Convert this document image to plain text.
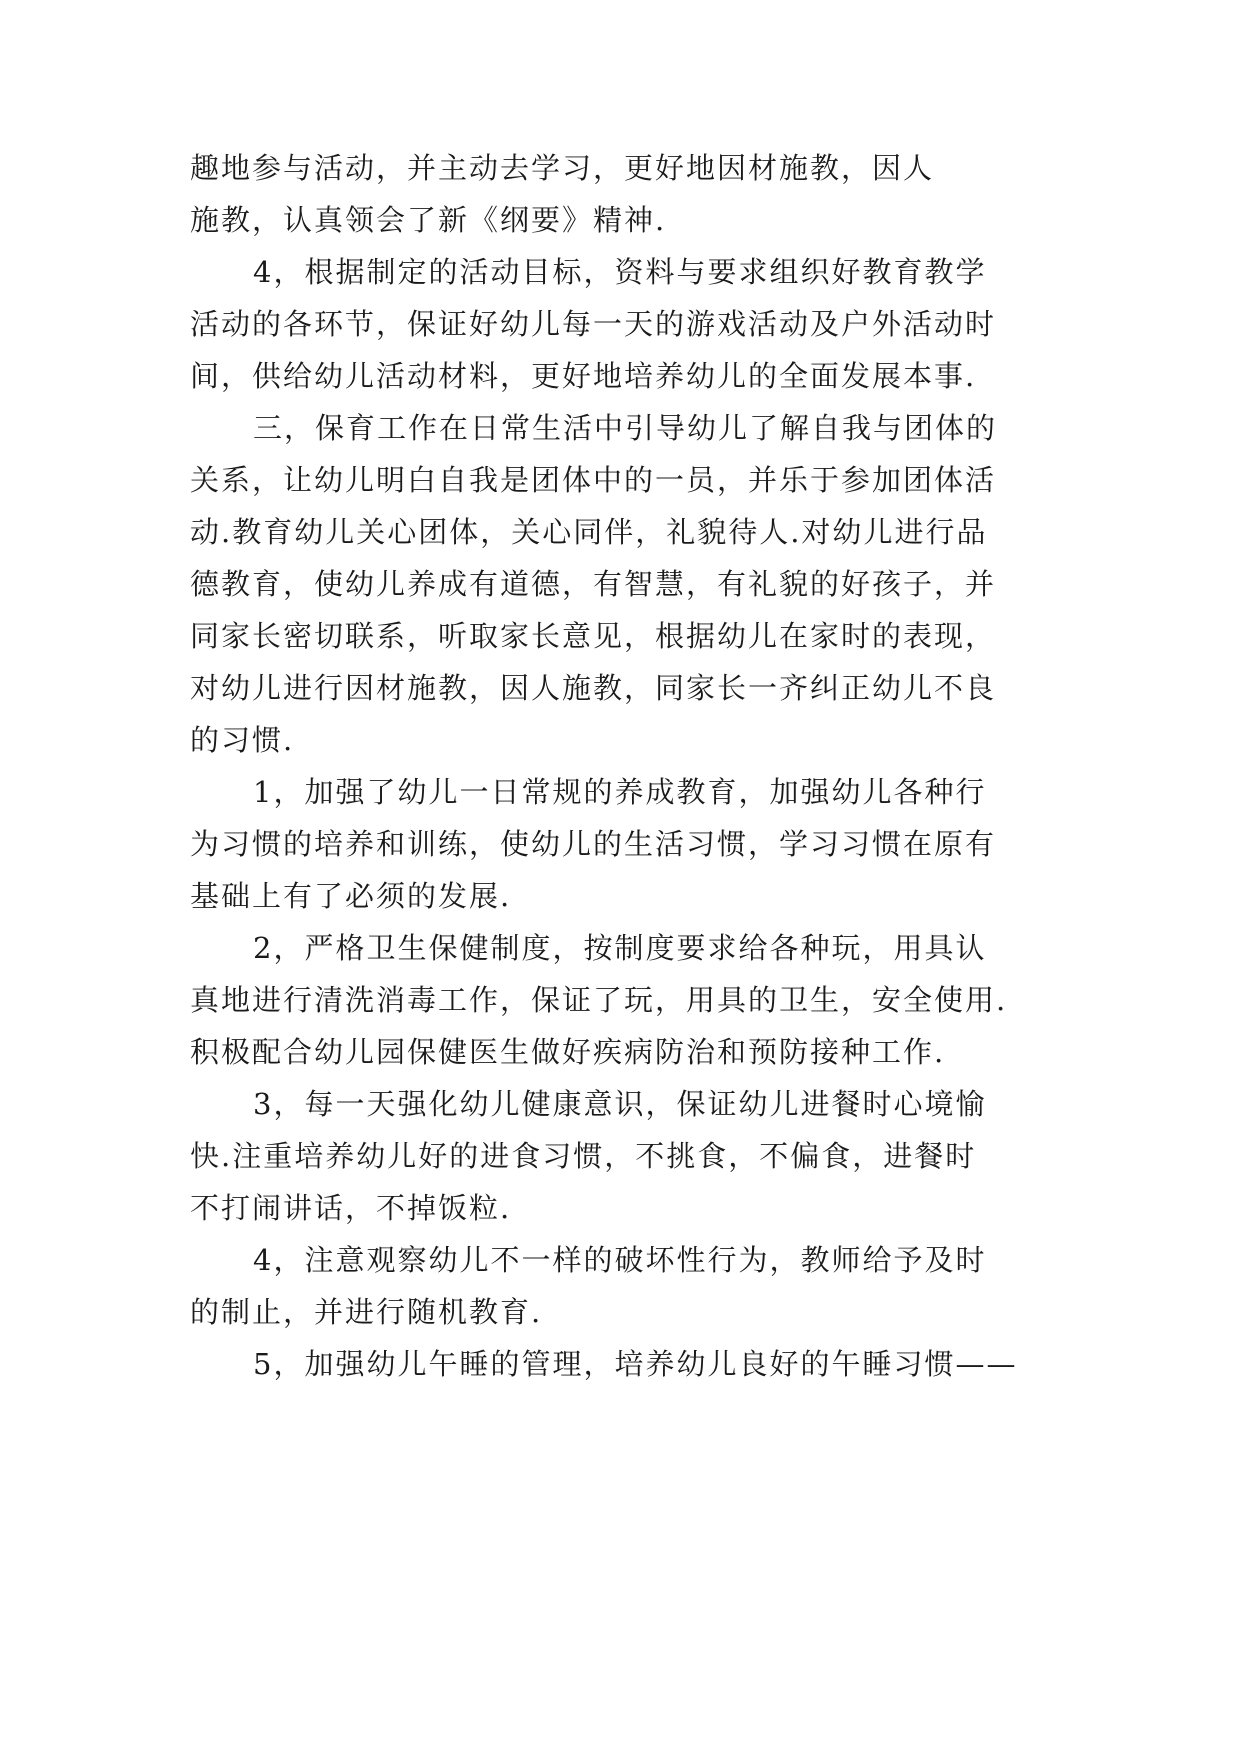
趣地参与活动，并主动去学习，更好地因材施教，因人
施教，认真领会了新《纲要》精神.
4，根据制定的活动目标，资料与要求组织好教育教学
活动的各环节，保证好幼儿每一天的游戏活动及户外活动时
间，供给幼儿活动材料，更好地培养幼儿的全面发展本事.
三，保育工作在日常生活中引导幼儿了解自我与团体的
关系，让幼儿明白自我是团体中的一员，并乐于参加团体活
动.教育幼儿关心团体，关心同伴，礼貌待人.对幼儿进行品
德教育，使幼儿养成有道德，有智慧，有礼貌的好孩子，并
同家长密切联系，听取家长意见，根据幼儿在家时的表现，
对幼儿进行因材施教，因人施教，同家长一齐纠正幼儿不良
的习惯.
1，加强了幼儿一日常规的养成教育，加强幼儿各种行
为习惯的培养和训练，使幼儿的生活习惯，学习习惯在原有
基础上有了必须的发展.
2，严格卫生保健制度，按制度要求给各种玩，用具认
真地进行清洗消毒工作，保证了玩，用具的卫生，安全使用.
积极配合幼儿园保健医生做好疾病防治和预防接种工作.
3，每一天强化幼儿健康意识，保证幼儿进餐时心境愉
快.注重培养幼儿好的进食习惯，不挑食，不偏食，进餐时
不打闹讲话，不掉饭粒.
4，注意观察幼儿不一样的破坏性行为，教师给予及时
的制止，并进行随机教育.
5，加强幼儿午睡的管理，培养幼儿良好的午睡习惯——
